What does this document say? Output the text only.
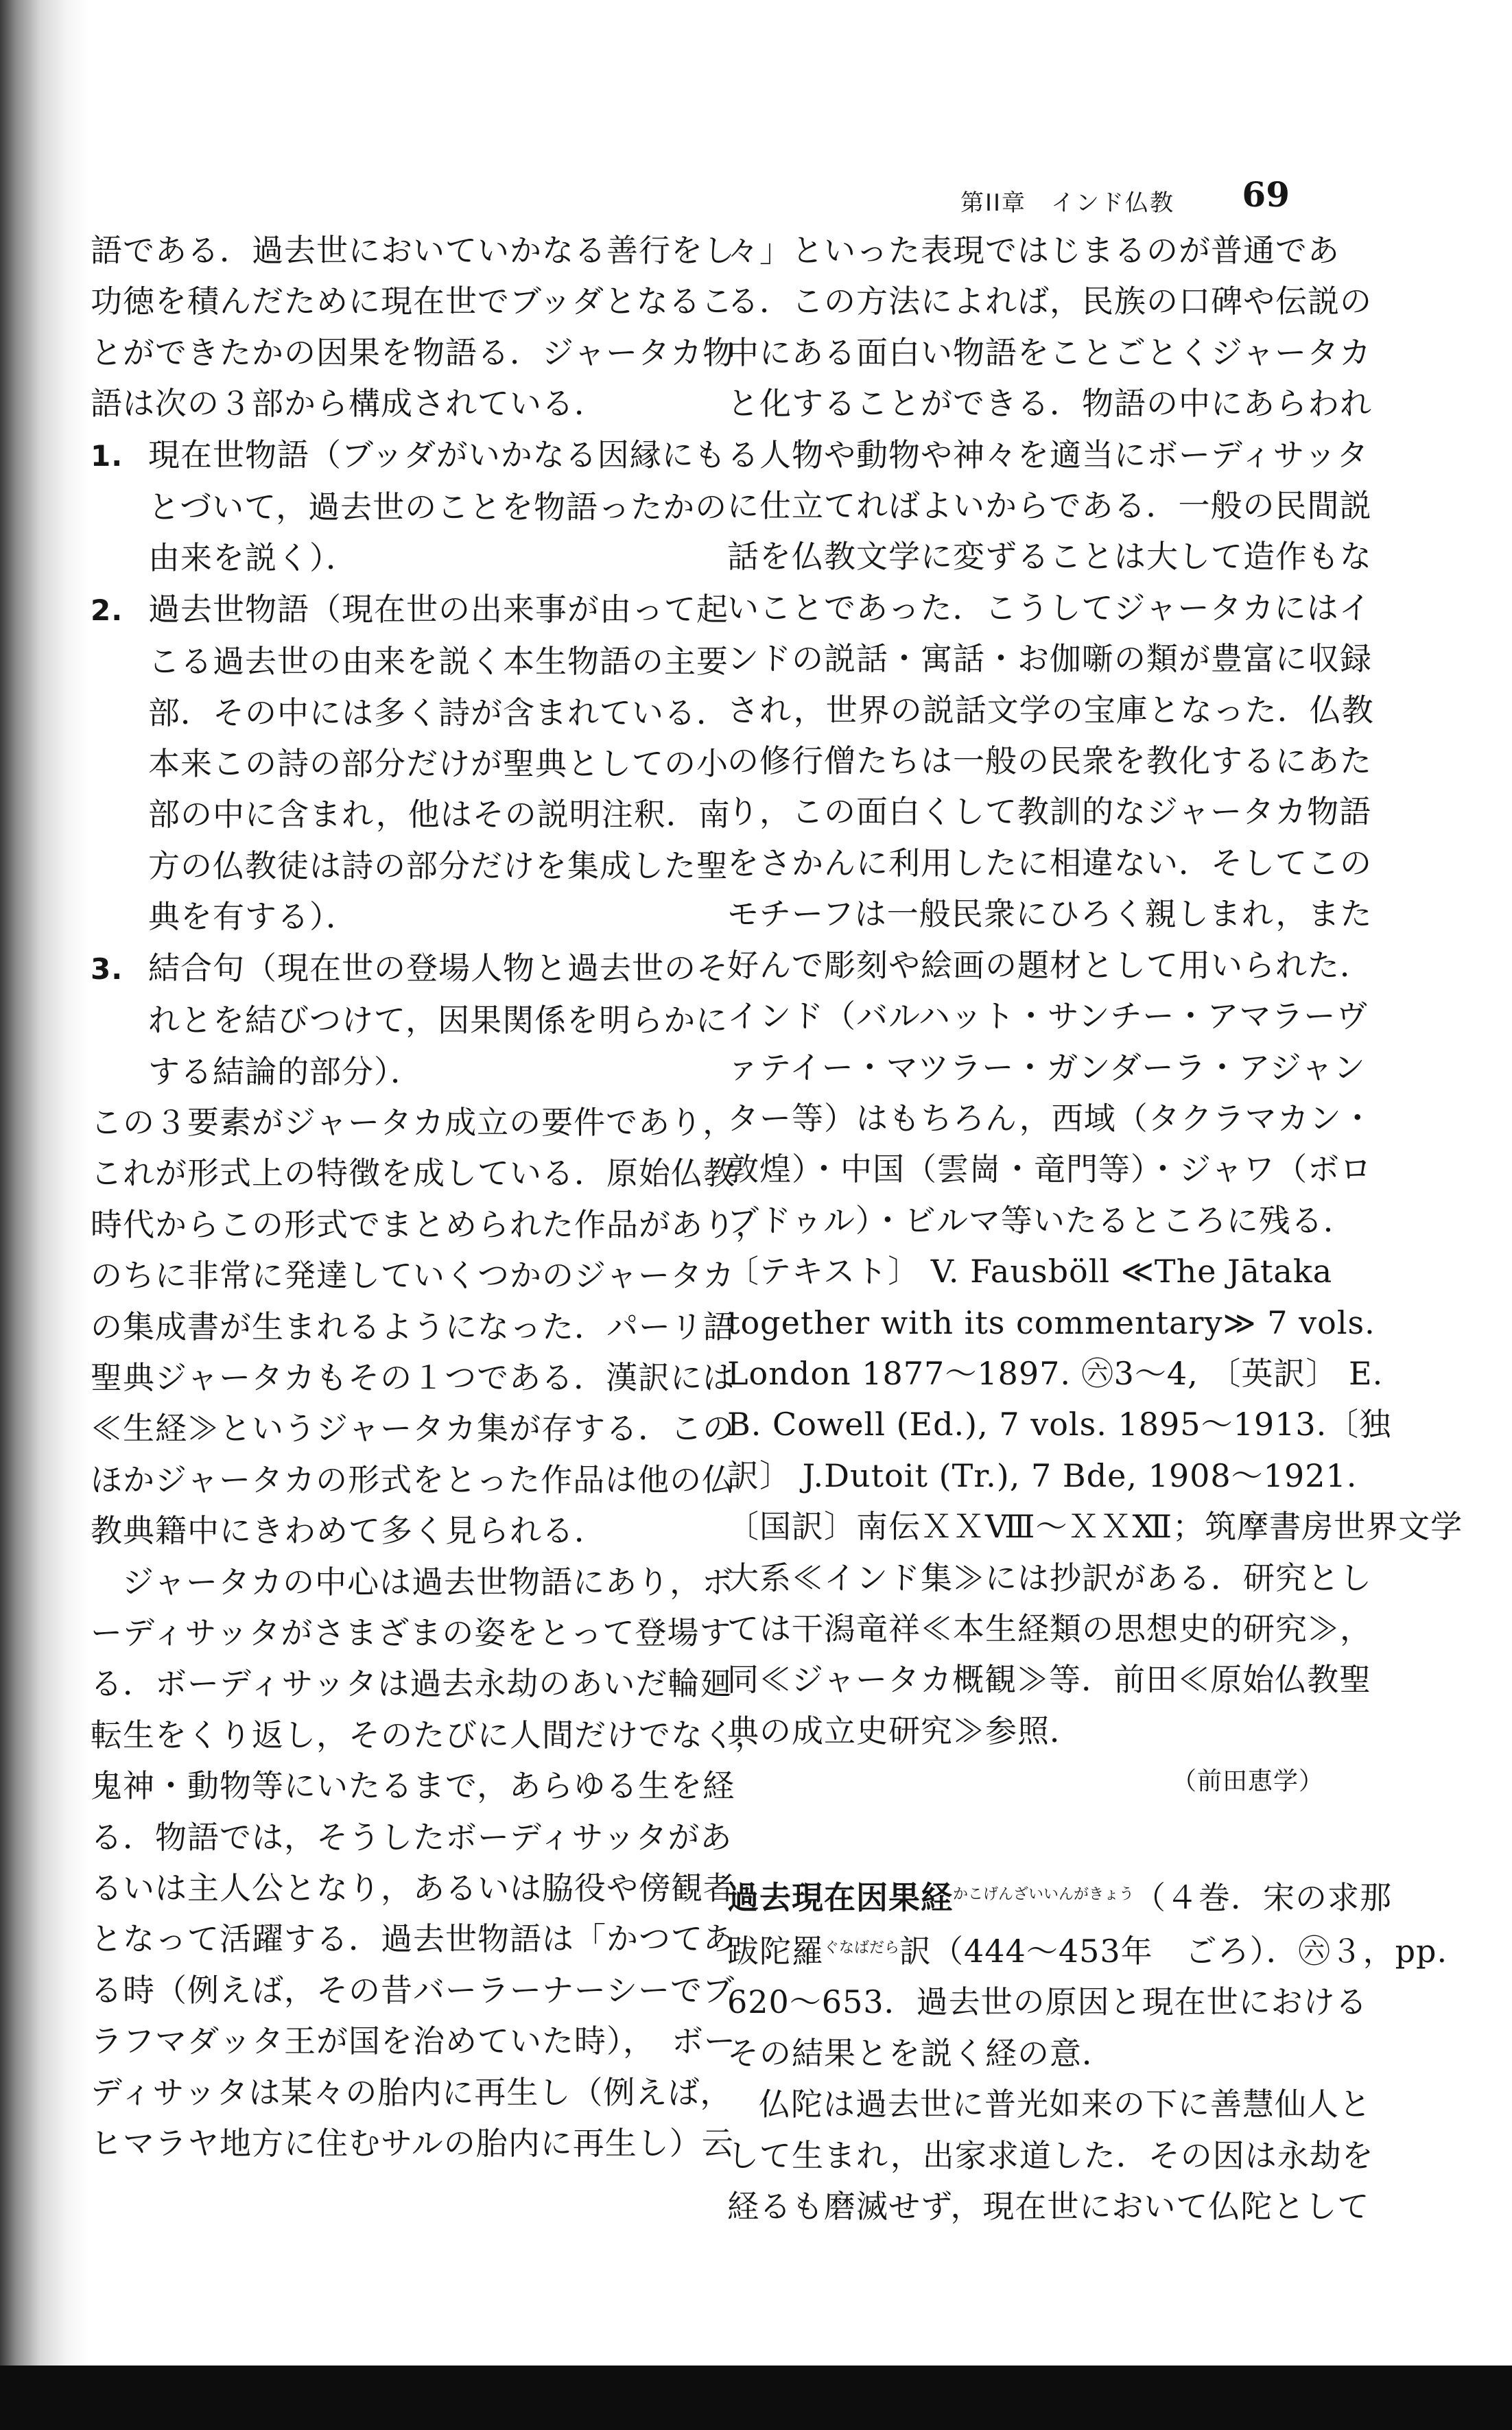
第II章　インド仏教 69
語である．過去世においていかなる善行をし
功徳を積んだために現在世でブッダとなるこ
とができたかの因果を物語る．ジャータカ物
語は次の３部から構成されている．
1. 現在世物語（ブッダがいかなる因縁にも
とづいて，過去世のことを物語ったかの
由来を説く）．
2. 過去世物語（現在世の出来事が由って起
こる過去世の由来を説く本生物語の主要
部．その中には多く詩が含まれている．
本来この詩の部分だけが聖典としての小
部の中に含まれ，他はその説明注釈．南
方の仏教徒は詩の部分だけを集成した聖
典を有する）．
3. 結合句（現在世の登場人物と過去世のそ
れとを結びつけて，因果関係を明らかに
する結論的部分）．
この３要素がジャータカ成立の要件であり，
これが形式上の特徴を成している．原始仏教
時代からこの形式でまとめられた作品があり，
のちに非常に発達していくつかのジャータカ
の集成書が生まれるようになった．パーリ語
聖典ジャータカもその１つである．漢訳には
≪生経≫というジャータカ集が存する．この
ほかジャータカの形式をとった作品は他の仏
教典籍中にきわめて多く見られる．
ジャータカの中心は過去世物語にあり，ボ
ーディサッタがさまざまの姿をとって登場す
る．ボーディサッタは過去永劫のあいだ輪廻
転生をくり返し，そのたびに人間だけでなく，
鬼神・動物等にいたるまで，あらゆる生を経
る．物語では，そうしたボーディサッタがあ
るいは主人公となり，あるいは脇役や傍観者
となって活躍する．過去世物語は「かつてあ
る時（例えば，その昔バーラーナーシーでブ
ラフマダッタ王が国を治めていた時），　ボー
ディサッタは某々の胎内に再生し（例えば，
ヒマラヤ地方に住むサルの胎内に再生し）云
々」といった表現ではじまるのが普通であ
る．この方法によれば，民族の口碑や伝説の
中にある面白い物語をことごとくジャータカ
と化することができる．物語の中にあらわれ
る人物や動物や神々を適当にボーディサッタ
に仕立てればよいからである．一般の民間説
話を仏教文学に変ずることは大して造作もな
いことであった．こうしてジャータカにはイ
ンドの説話・寓話・お伽噺の類が豊富に収録
され，世界の説話文学の宝庫となった．仏教
の修行僧たちは一般の民衆を教化するにあた
り，この面白くして教訓的なジャータカ物語
をさかんに利用したに相違ない．そしてこの
モチーフは一般民衆にひろく親しまれ，また
好んで彫刻や絵画の題材として用いられた．
インド（バルハット・サンチー・アマラーヴ
ァテイー・マツラー・ガンダーラ・アジャン
ター等）はもちろん，西域（タクラマカン・
敦煌）・中国（雲崗・竜門等）・ジャワ（ボロ
ブドゥル）・ビルマ等いたるところに残る．
〔テキスト〕 V. Fausböll ≪The Jātaka
together with its commentary≫ 7 vols.
London 1877～1897. ㊅3～4, 〔英訳〕 E.
B. Cowell (Ed.), 7 vols. 1895～1913.〔独
訳〕 J.Dutoit (Tr.), 7 Bde, 1908～1921.
〔国訳〕南伝ＸＸⅧ～ＸＸⅫ；筑摩書房世界文学
大系≪インド集≫には抄訳がある．研究とし
ては干潟竜祥≪本生経類の思想史的研究≫，
同≪ジャータカ概観≫等．前田≪原始仏教聖
典の成立史研究≫参照．
（前田恵学）
過去現在因果経$^{かこげんざいいんがきょう}$（４巻．宋の求那
跋陀羅$^{ぐなばだら}$訳（444～453年　ごろ）．㊅３，pp.
620～653．過去世の原因と現在世における
その結果とを説く経の意．
仏陀は過去世に普光如来の下に善慧仙人と
して生まれ，出家求道した．その因は永劫を
経るも磨滅せず，現在世において仏陀として
